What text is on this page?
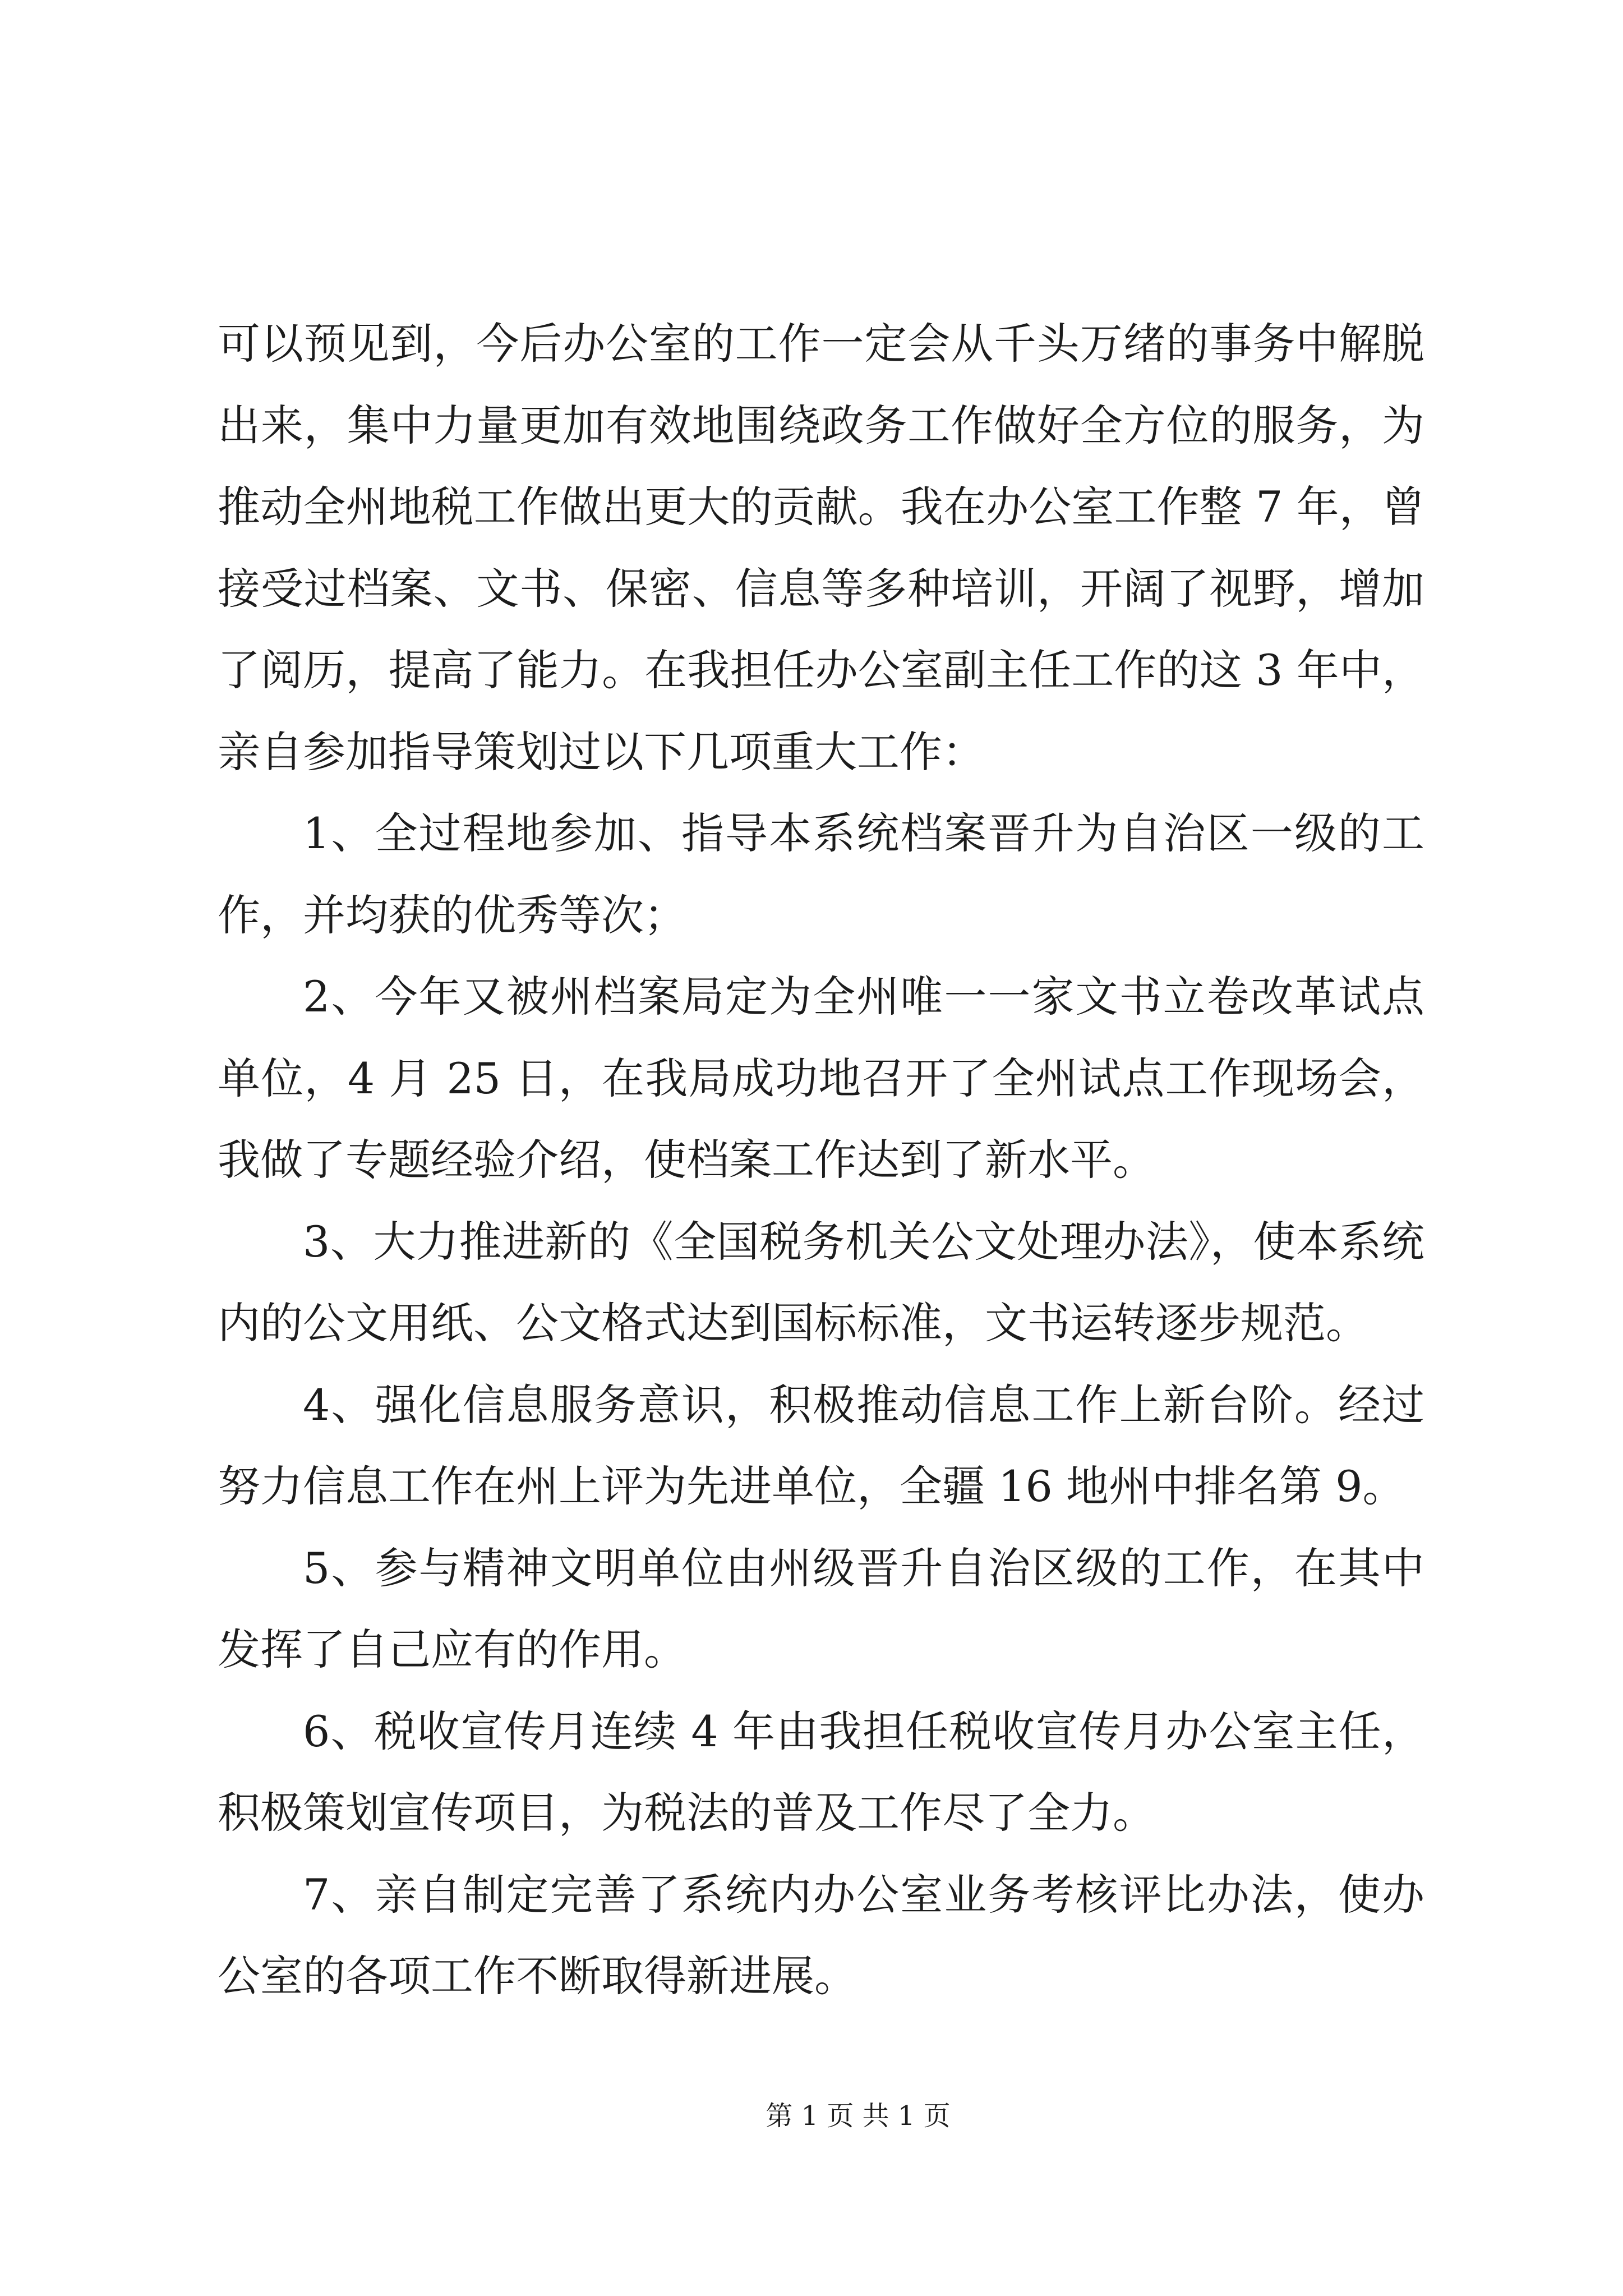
可以预见到，今后办公室的工作一定会从千头万绪的事务中解脱
出来，集中力量更加有效地围绕政务工作做好全方位的服务，为
推动全州地税工作做出更大的贡献。我在办公室工作整 7 年，曾
接受过档案、文书、保密、信息等多种培训，开阔了视野，增加
了阅历，提高了能力。在我担任办公室副主任工作的这 3 年中，
亲自参加指导策划过以下几项重大工作：
1、全过程地参加、指导本系统档案晋升为自治区一级的工
作，并均获的优秀等次；
2、今年又被州档案局定为全州唯一一家文书立卷改革试点
单位，4 月 25 日，在我局成功地召开了全州试点工作现场会，
我做了专题经验介绍，使档案工作达到了新水平。
3、大力推进新的《全国税务机关公文处理办法》，使本系统
内的公文用纸、公文格式达到国标标准，文书运转逐步规范。
4、强化信息服务意识，积极推动信息工作上新台阶。经过
努力信息工作在州上评为先进单位，全疆 16 地州中排名第 9。
5、参与精神文明单位由州级晋升自治区级的工作，在其中
发挥了自己应有的作用。
6、税收宣传月连续 4 年由我担任税收宣传月办公室主任，
积极策划宣传项目，为税法的普及工作尽了全力。
7、亲自制定完善了系统内办公室业务考核评比办法，使办
公室的各项工作不断取得新进展。
第 1 页 共 1 页
